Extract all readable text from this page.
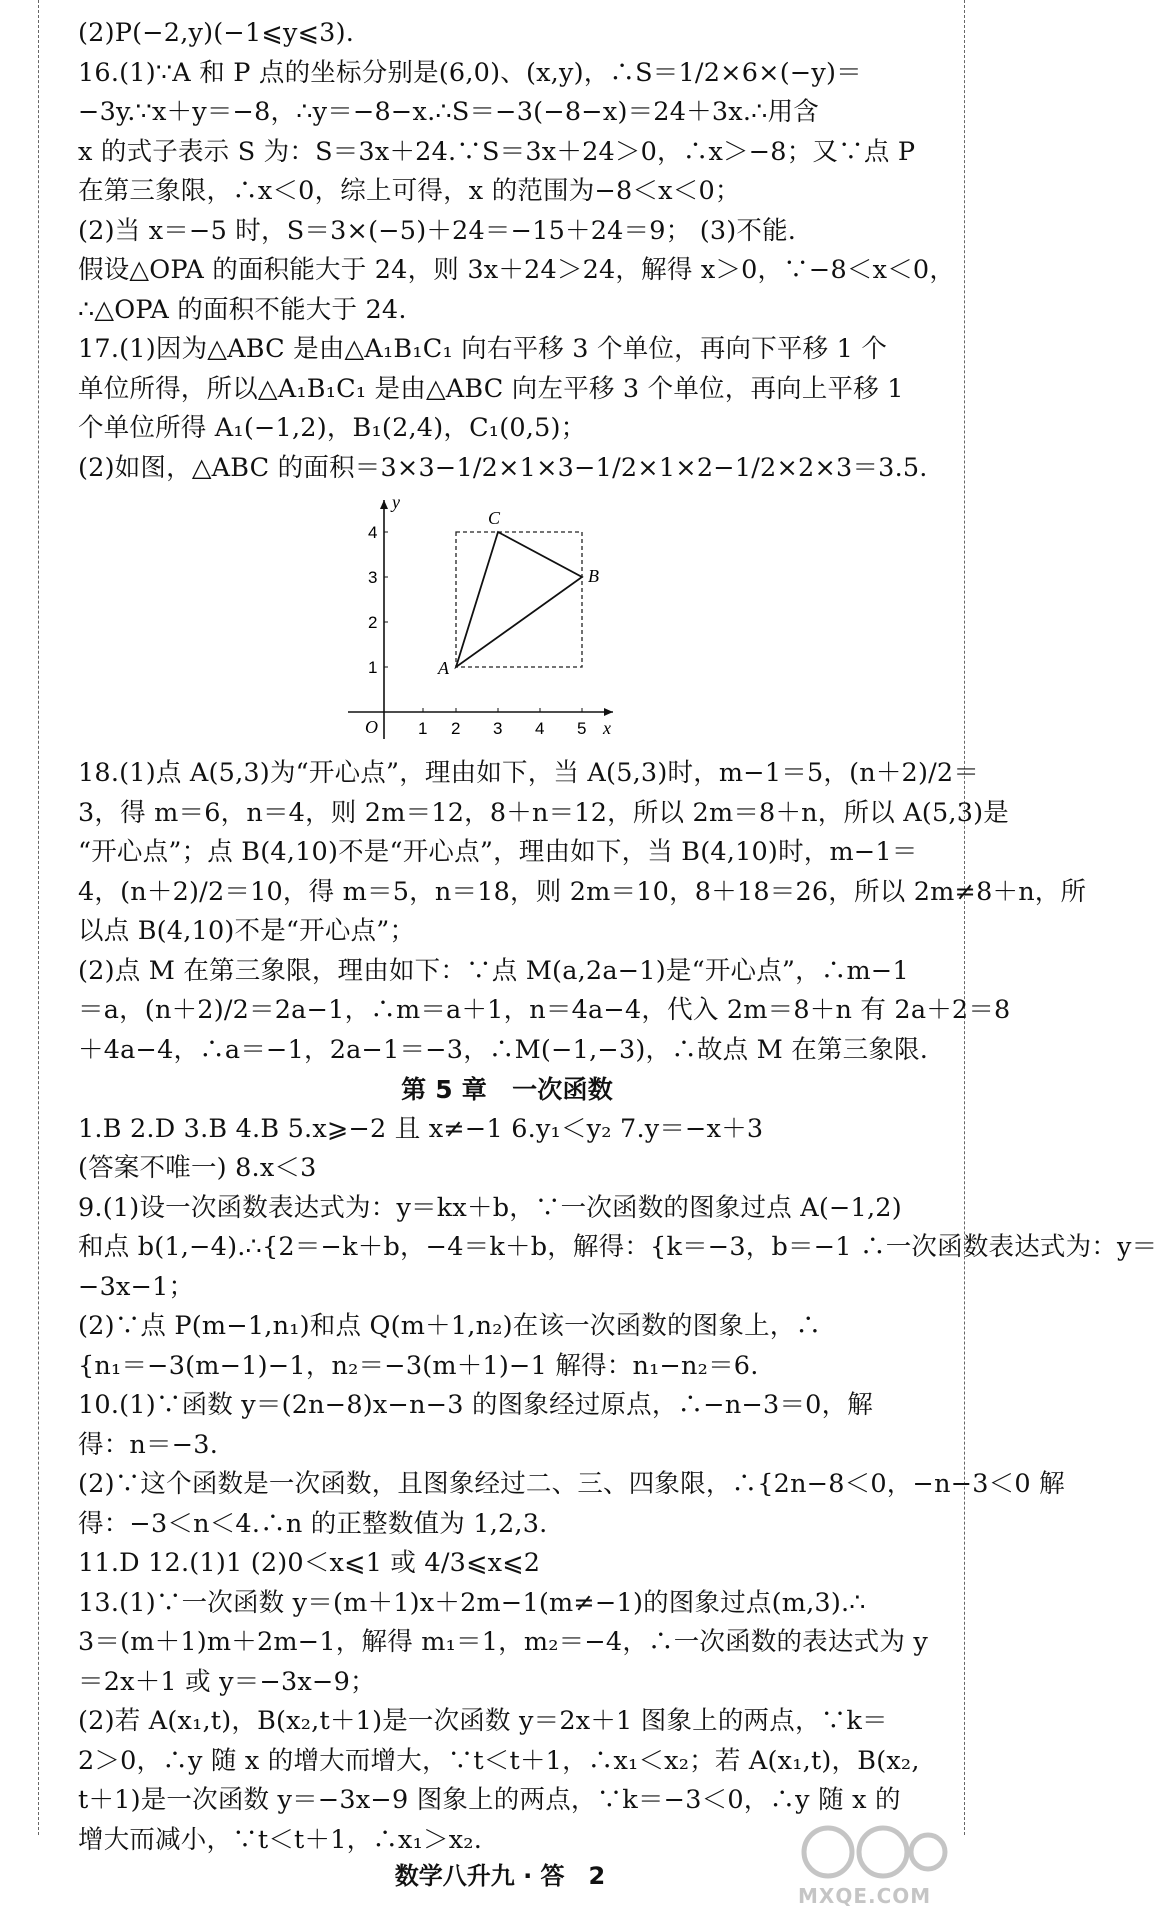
(2)P(−2,y)(−1⩽y⩽3).
16.(1)∵A 和 P 点的坐标分别是(6,0)、(x,y)，∴S＝1/2×6×(−y)＝
−3y.∵x＋y＝−8，∴y＝−8−x.∴S＝−3(−8−x)＝24＋3x.∴用含
x 的式子表示 S 为：S＝3x＋24.∵S＝3x＋24＞0，∴x＞−8；又∵点 P
在第三象限，∴x＜0，综上可得，x 的范围为−8＜x＜0；
(2)当 x＝−5 时，S＝3×(−5)＋24＝−15＋24＝9； (3)不能.
假设△OPA 的面积能大于 24，则 3x＋24＞24，解得 x＞0，∵−8＜x＜0，
∴△OPA 的面积不能大于 24.
17.(1)因为△ABC 是由△A₁B₁C₁ 向右平移 3 个单位，再向下平移 1 个
单位所得，所以△A₁B₁C₁ 是由△ABC 向左平移 3 个单位，再向上平移 1
个单位所得 A₁(−1,2)，B₁(2,4)，C₁(0,5)；
(2)如图，△ABC 的面积＝3×3−1/2×1×3−1/2×1×2−1/2×2×3＝3.5.
x
y
O 1 2 3 4 5
1
2
3
4
A
C
B
18.(1)点 A(5,3)为“开心点”，理由如下，当 A(5,3)时，m−1＝5，(n＋2)/2＝
3，得 m＝6，n＝4，则 2m＝12，8＋n＝12，所以 2m＝8＋n，所以 A(5,3)是
“开心点”；点 B(4,10)不是“开心点”，理由如下，当 B(4,10)时，m−1＝
4，(n＋2)/2＝10，得 m＝5，n＝18，则 2m＝10，8＋18＝26，所以 2m≠8＋n，所
以点 B(4,10)不是“开心点”；
(2)点 M 在第三象限，理由如下：∵点 M(a,2a−1)是“开心点”，∴m−1
＝a，(n＋2)/2＝2a−1，∴m＝a＋1，n＝4a−4，代入 2m＝8＋n 有 2a＋2＝8
＋4a−4，∴a＝−1，2a−1＝−3，∴M(−1,−3)，∴故点 M 在第三象限.
第 5 章　一次函数
1.B 2.D 3.B 4.B 5.x⩾−2 且 x≠−1 6.y₁＜y₂ 7.y＝−x＋3
(答案不唯一) 8.x＜3
9.(1)设一次函数表达式为：y＝kx＋b，∵一次函数的图象过点 A(−1,2)
和点 b(1,−4).∴{2＝−k＋b，−4＝k＋b，解得：{k＝−3，b＝−1 ∴一次函数表达式为：y＝
−3x−1；
(2)∵点 P(m−1,n₁)和点 Q(m＋1,n₂)在该一次函数的图象上，∴
{n₁＝−3(m−1)−1，n₂＝−3(m＋1)−1 解得：n₁−n₂＝6.
10.(1)∵函数 y＝(2n−8)x−n−3 的图象经过原点，∴−n−3＝0，解
得：n＝−3.
(2)∵这个函数是一次函数，且图象经过二、三、四象限，∴{2n−8＜0，−n−3＜0 解
得：−3＜n＜4.∴n 的正整数值为 1,2,3.
11.D 12.(1)1 (2)0＜x⩽1 或 4/3⩽x⩽2
13.(1)∵一次函数 y＝(m＋1)x＋2m−1(m≠−1)的图象过点(m,3).∴
3＝(m＋1)m＋2m−1，解得 m₁＝1，m₂＝−4，∴一次函数的表达式为 y
＝2x＋1 或 y＝−3x−9；
(2)若 A(x₁,t)，B(x₂,t＋1)是一次函数 y＝2x＋1 图象上的两点，∵k＝
2＞0，∴y 随 x 的增大而增大，∵t＜t＋1，∴x₁＜x₂；若 A(x₁,t)，B(x₂,
t＋1)是一次函数 y＝−3x−9 图象上的两点，∵k＝−3＜0，∴y 随 x 的
增大而减小，∵t＜t＋1，∴x₁＞x₂.
数学八升九 · 答　2
MXQE.COM
